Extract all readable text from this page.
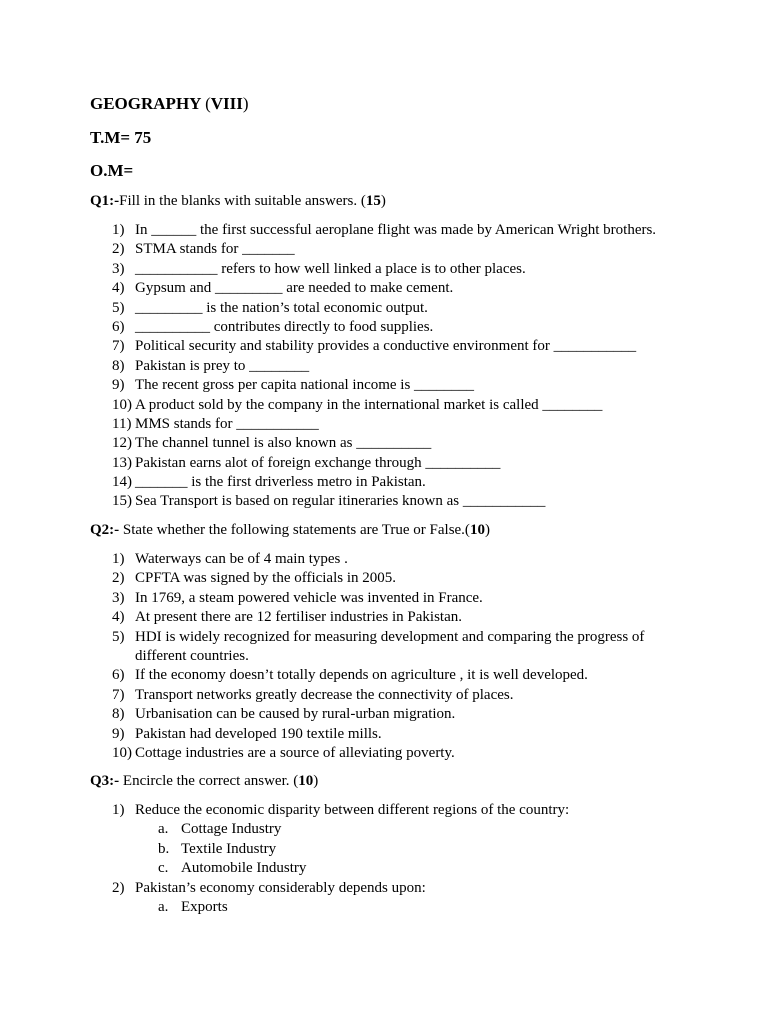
GEOGRAPHY (VIII)
T.M= 75
O.M=
Q1:-Fill in the blanks with suitable answers. (15)
1) In ______ the first successful aeroplane flight was made by American Wright brothers.
2) STMA stands for _______
3) ___________ refers to how well linked a place is to other places.
4) Gypsum and _________ are needed to make cement.
5) _________ is the nation’s total economic output.
6) __________ contributes directly to food supplies.
7) Political security and stability provides a conductive environment for ___________
8) Pakistan is prey to ________
9) The recent gross per capita national income is ________
10) A product sold by the company in the international market is called ________
11) MMS stands for ___________
12) The channel tunnel is also known as __________
13) Pakistan earns alot of foreign exchange through __________
14) _______ is the first driverless metro in Pakistan.
15) Sea Transport is based on regular itineraries known as ___________
Q2:- State whether the following statements are True or False.(10)
1) Waterways can be of 4 main types .
2) CPFTA was signed by the officials in 2005.
3) In 1769, a steam powered vehicle was invented in France.
4) At present there are 12 fertiliser industries in Pakistan.
5) HDI is widely recognized for measuring development and comparing the progress of
different countries.
6) If the economy doesn’t totally depends on agriculture , it is well developed.
7) Transport networks greatly decrease the connectivity of places.
8) Urbanisation can be caused by rural-urban migration.
9) Pakistan had developed 190 textile mills.
10) Cottage industries are a source of alleviating poverty.
Q3:- Encircle the correct answer. (10)
1) Reduce the economic disparity between different regions of the country:
a. Cottage Industry
b. Textile Industry
c. Automobile Industry
2) Pakistan’s economy considerably depends upon:
a. Exports
